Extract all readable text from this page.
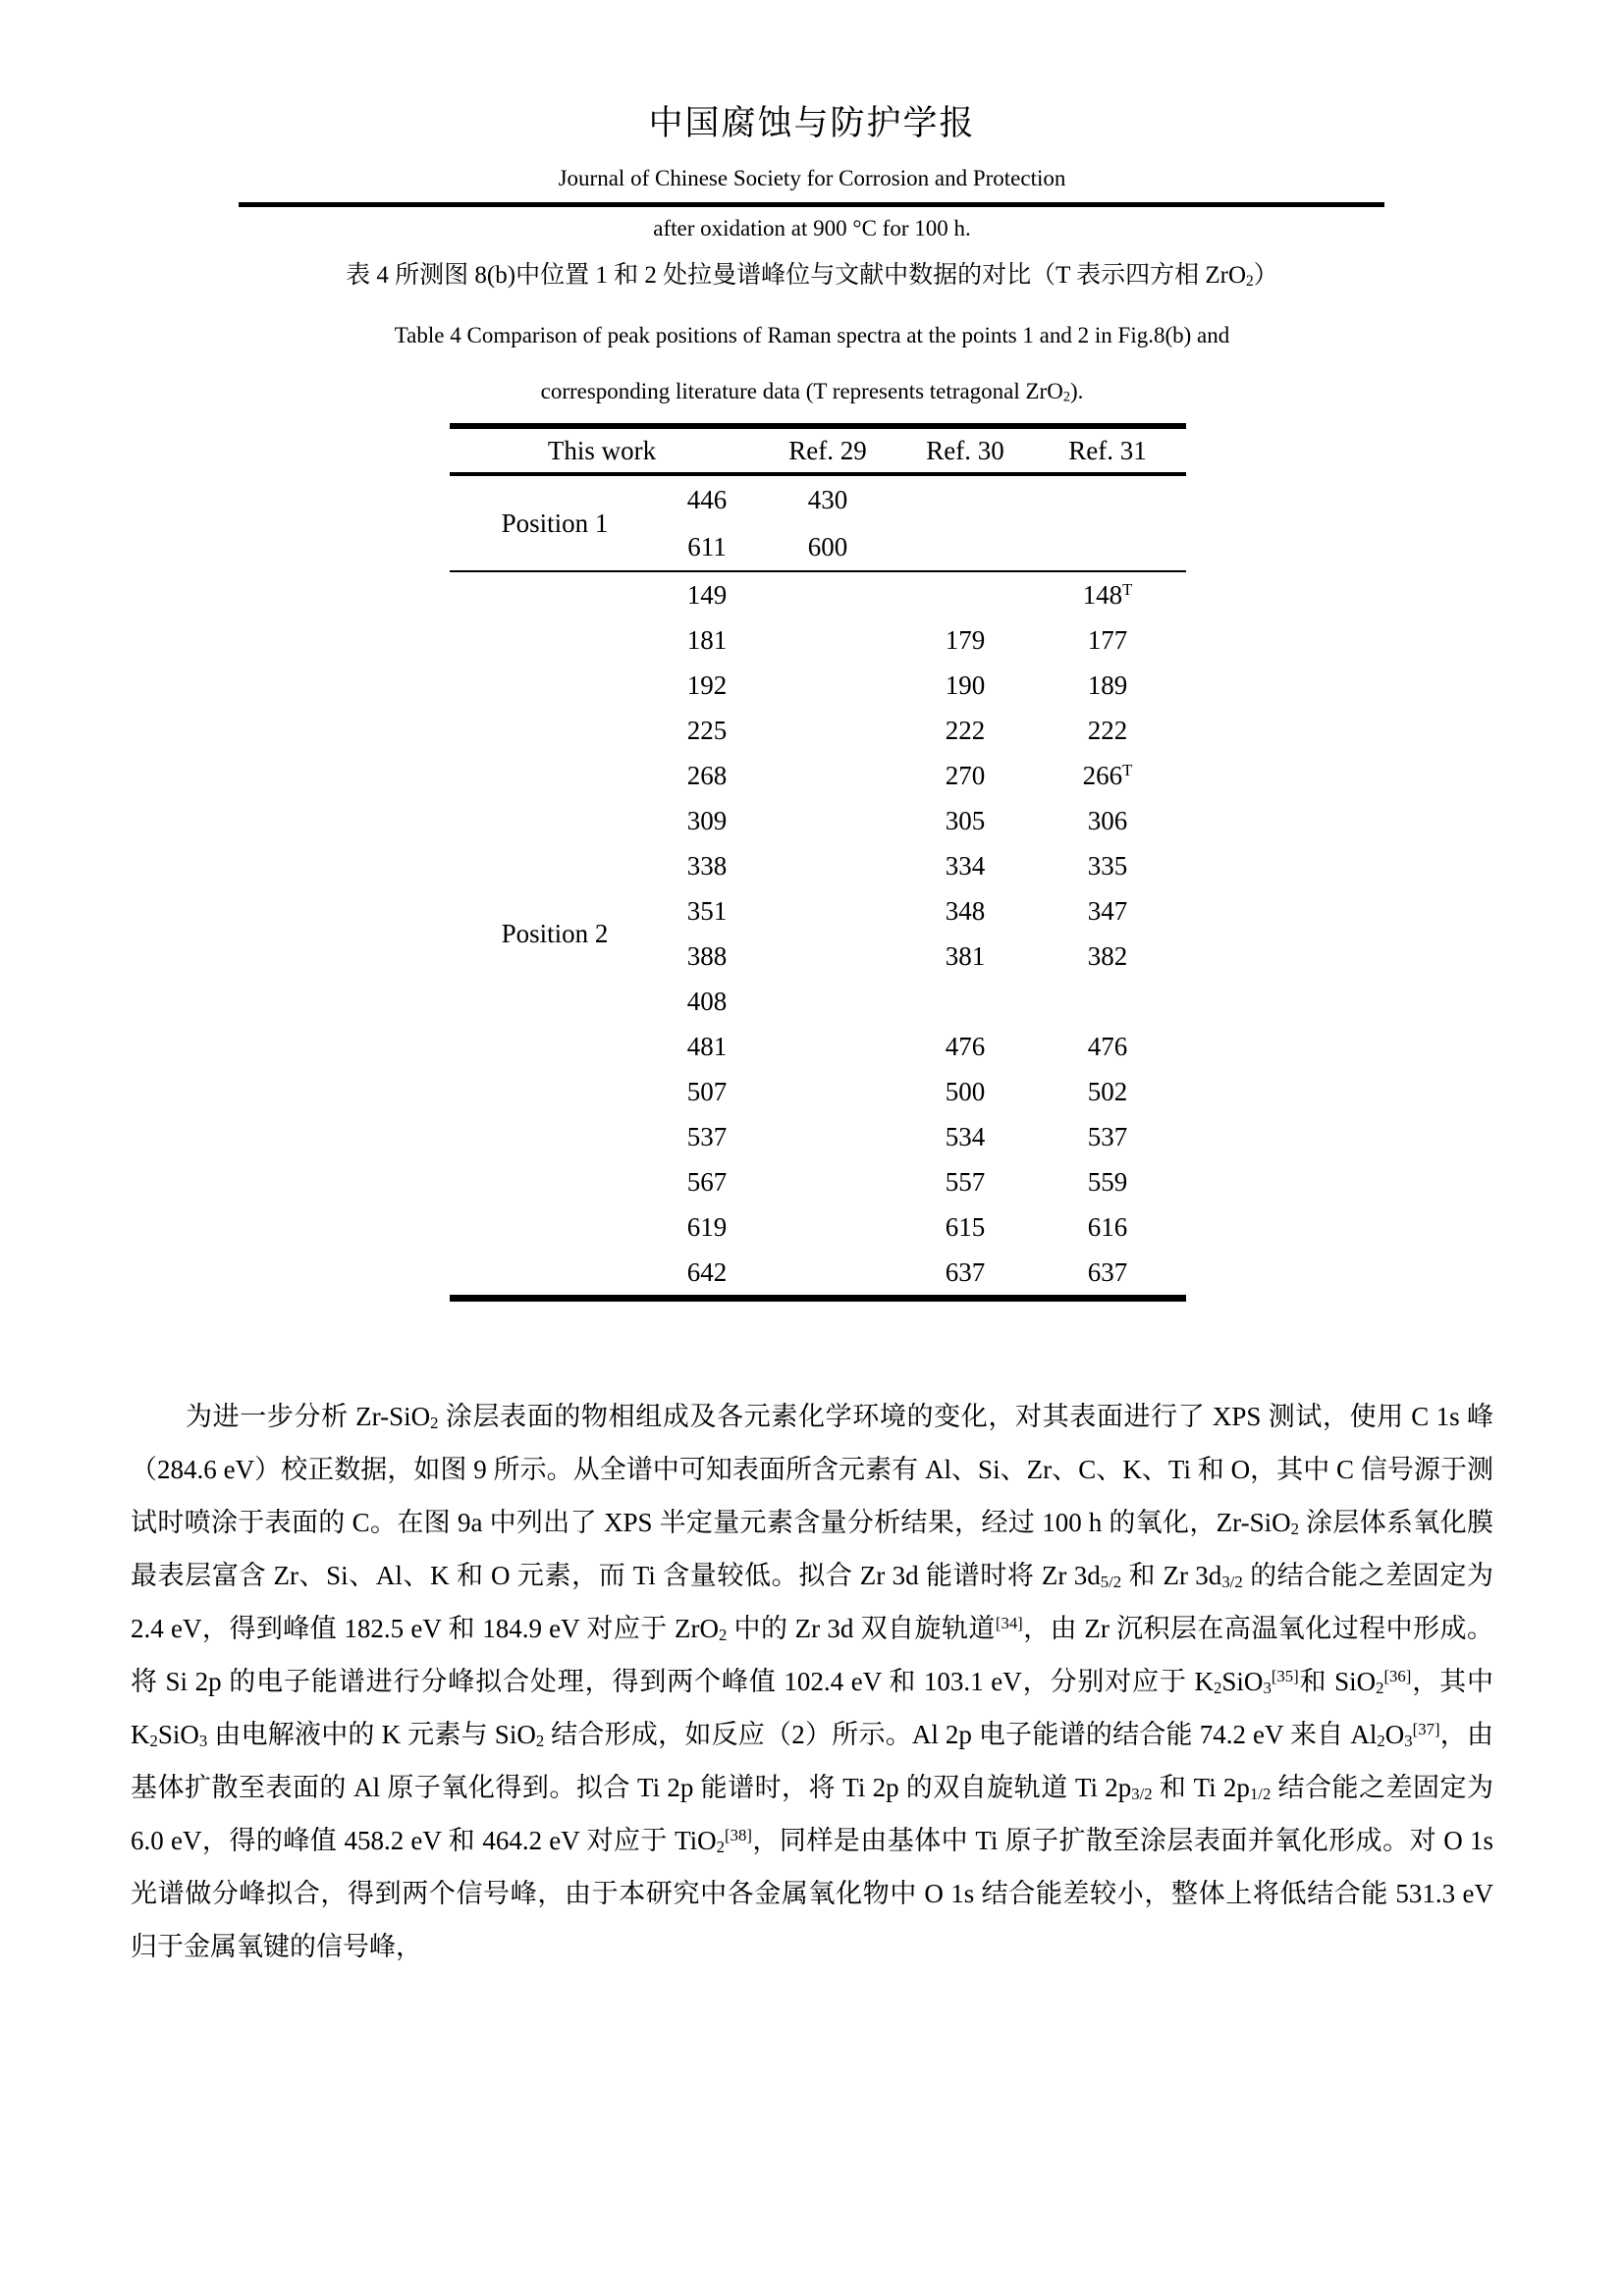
中国腐蚀与防护学报
Journal of Chinese Society for Corrosion and Protection
after oxidation at 900 °C for 100 h.
表 4 所测图 8(b)中位置 1 和 2 处拉曼谱峰位与文献中数据的对比（T 表示四方相 ZrO$_2$）
Table 4 Comparison of peak positions of Raman spectra at the points 1 and 2 in Fig.8(b) and
corresponding literature data (T represents tetragonal ZrO$_2$).
This work		Ref. 29	Ref. 30	Ref. 31
Position 1	446	430		
	611	600		
Position 2	149			$148^T$
	181		179	177
	192		190	189
	225		222	222
	268		270	$266^T$
	309		305	306
	338		334	335
	351		348	347
	388		381	382
	408			
	481		476	476
	507		500	502
	537		534	537
	567		557	559
	619		615	616
	642		637	637

为进一步分析 Zr-SiO$_2$ 涂层表面的物相组成及各元素化学环境的变化，对其表面进行了 XPS 测试，使用 C 1s 峰（284.6 eV）校正数据，如图 9 所示。从全谱中可知表面所含元素有 Al、Si、Zr、C、K、Ti 和 O，其中 C 信号源于测试时喷涂于表面的 C。在图 9a 中列出了 XPS 半定量元素含量分析结果，经过 100 h 的氧化，Zr-SiO$_2$ 涂层体系氧化膜最表层富含 Zr、Si、Al、K 和 O 元素，而 Ti 含量较低。拟合 Zr 3d 能谱时将 Zr $3d_{5/2}$ 和 Zr $3d_{3/2}$ 的结合能之差固定为 2.4 eV，得到峰值 182.5 eV 和 184.9 eV 对应于 ZrO$_2$ 中的 Zr 3d 双自旋轨道[34]，由 Zr 沉积层在高温氧化过程中形成。将 Si 2p 的电子能谱进行分峰拟合处理，得到两个峰值 102.4 eV 和 103.1 eV，分别对应于 $K_2SiO_3[35]$和 SiO$_2$[36]，其中 $K_2SiO_3$ 由电解液中的 K 元素与 SiO$_2$ 结合形成，如反应（2）所示。Al 2p 电子能谱的结合能 74.2 eV 来自 $Al_2O_3[37]$，由基体扩散至表面的 Al 原子氧化得到。拟合 Ti 2p 能谱时，将 Ti 2p 的双自旋轨道 Ti $2p_{3/2}$ 和 Ti $2p_{1/2}$ 结合能之差固定为 6.0 eV，得的峰值 458.2 eV 和 464.2 eV 对应于 TiO$_2$[38]，同样是由基体中 Ti 原子扩散至涂层表面并氧化形成。对 O 1s 光谱做分峰拟合，得到两个信号峰，由于本研究中各金属氧化物中 O 1s 结合能差较小，整体上将低结合能 531.3 eV 归于金属氧键的信号峰，
